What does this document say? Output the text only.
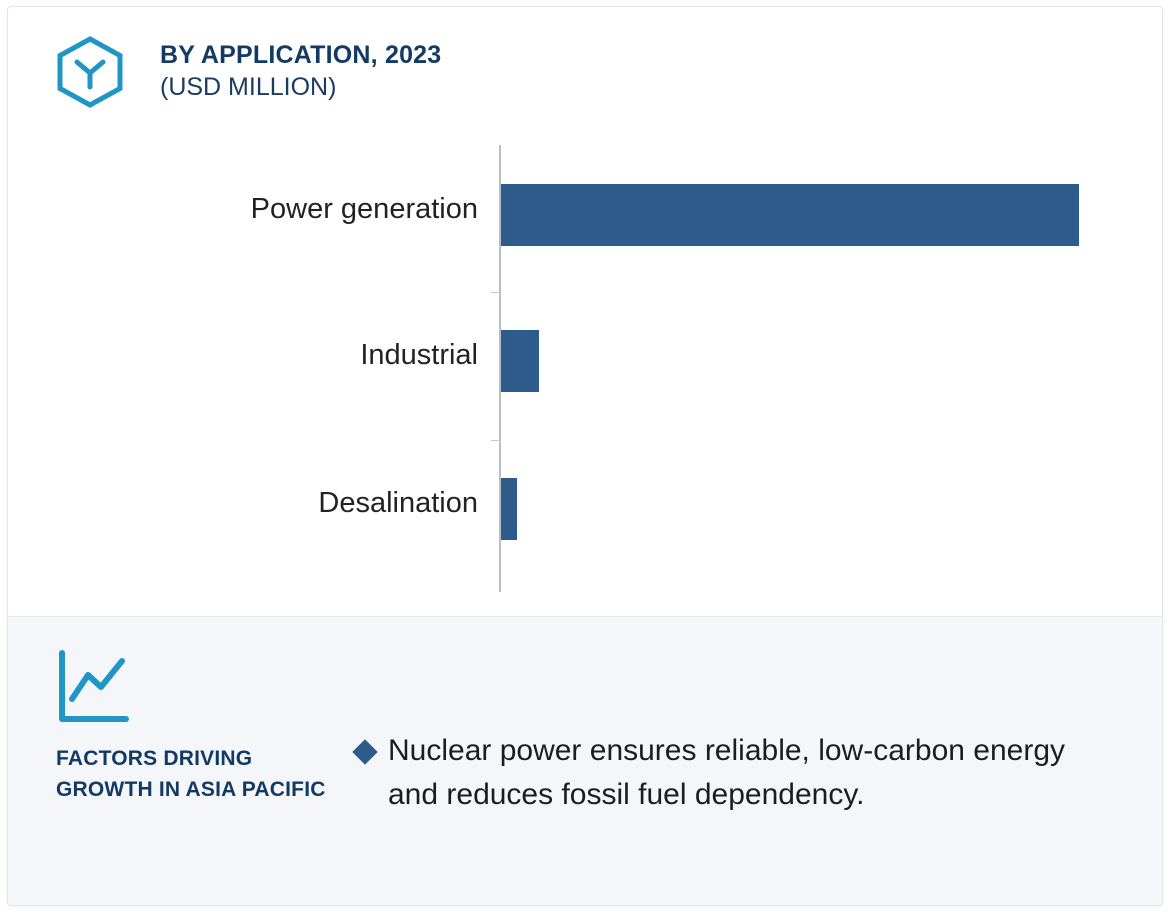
BY APPLICATION, 2023
(USD MILLION)
Power generation
Industrial
Desalination
FACTORS DRIVING GROWTH IN ASIA PACIFIC
Nuclear power ensures reliable, low-carbon energy and reduces fossil fuel dependency.
